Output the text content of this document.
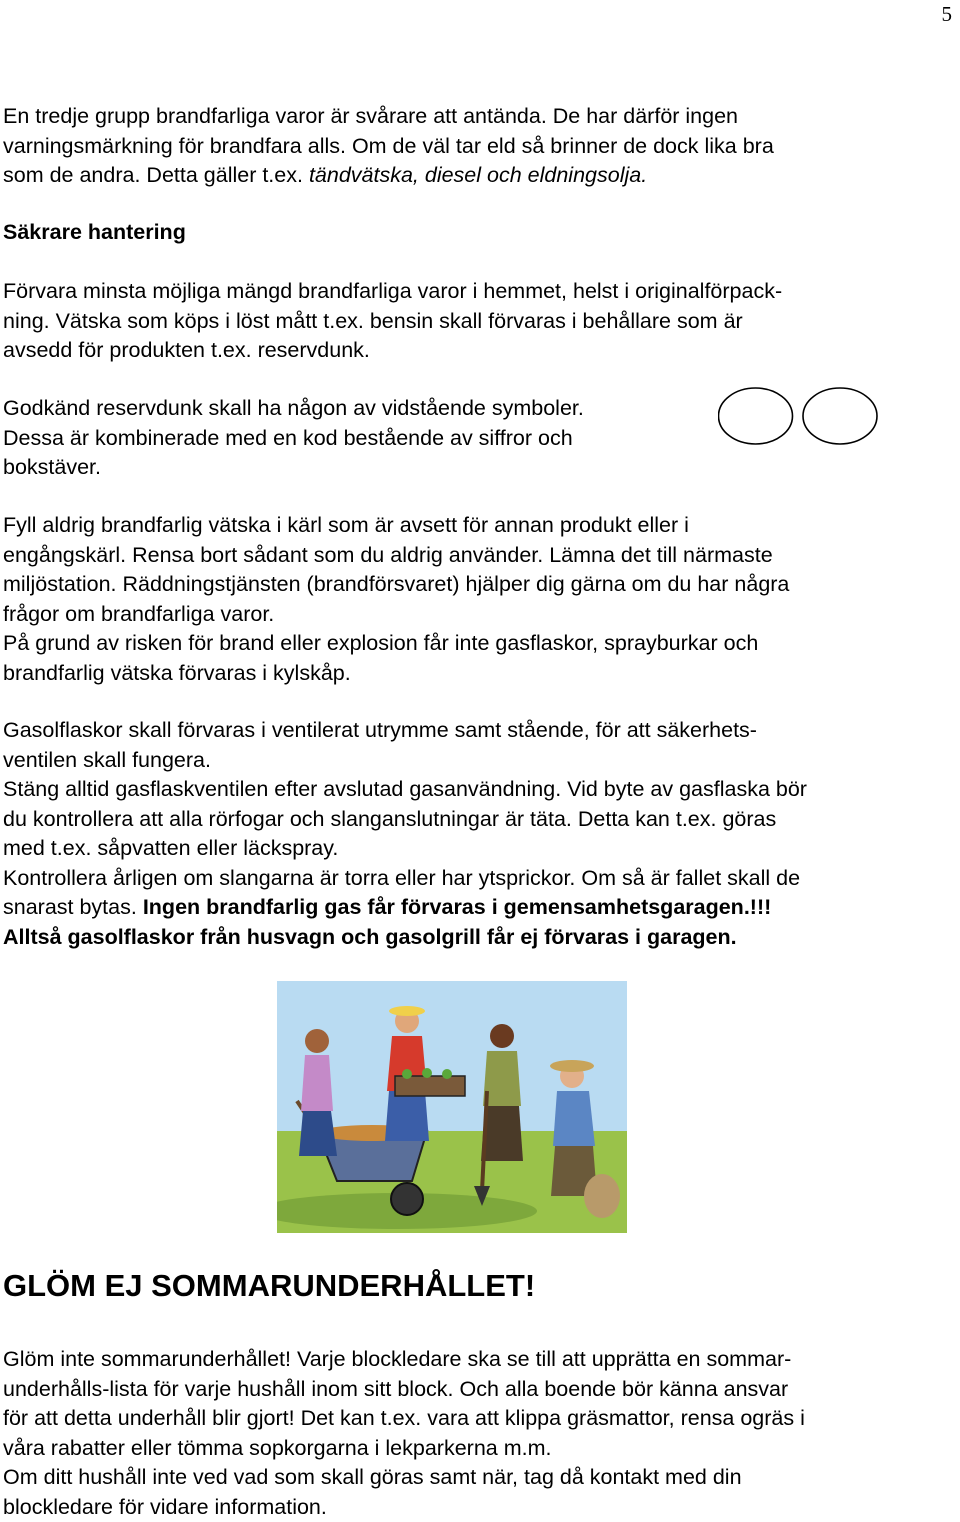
5
En tredje grupp brandfarliga varor är svårare att antända. De har därför ingen
varningsmärkning för brandfara alls. Om de väl tar eld så brinner de dock lika bra
som de andra. Detta gäller t.ex. tändvätska, diesel och eldningsolja.
Säkrare hantering
Förvara minsta möjliga mängd brandfarliga varor i hemmet, helst i originalförpack-
ning. Vätska som köps i löst mått t.ex. bensin skall förvaras i behållare som är
avsedd för produkten t.ex. reservdunk.
Godkänd reservdunk skall ha någon av vidstående symboler.
Dessa är kombinerade med en kod bestående av siffror och
bokstäver.
Fyll aldrig brandfarlig vätska i kärl som är avsett för annan produkt eller i
engångskärl. Rensa bort sådant som du aldrig använder. Lämna det till närmaste
miljöstation. Räddningstjänsten (brandförsvaret) hjälper dig gärna om du har några
frågor om brandfarliga varor.
På grund av risken för brand eller explosion får inte gasflaskor, sprayburkar och
brandfarlig vätska förvaras i kylskåp.
Gasolflaskor skall förvaras i ventilerat utrymme samt stående, för att säkerhets-
ventilen skall fungera.
Stäng alltid gasflaskventilen efter avslutad gasanvändning. Vid byte av gasflaska bör
du kontrollera att alla rörfogar och slanganslutningar är täta. Detta kan t.ex. göras
med t.ex. såpvatten eller läckspray.
Kontrollera årligen om slangarna är torra eller har ytsprickor. Om så är fallet skall de
snarast bytas. Ingen brandfarlig gas får förvaras i gemensamhetsgaragen.!!!
Alltså gasolflaskor från husvagn och gasolgrill får ej förvaras i garagen.
GLÖM EJ SOMMARUNDERHÅLLET!
Glöm inte sommarunderhållet! Varje blockledare ska se till att upprätta en sommar-
underhålls-lista för varje hushåll inom sitt block. Och alla boende bör känna ansvar
för att detta underhåll blir gjort! Det kan t.ex. vara att klippa gräsmattor, rensa ogräs i
våra rabatter eller tömma sopkorgarna i lekparkerna m.m.
Om ditt hushåll inte ved vad som skall göras samt när, tag då kontakt med din
blockledare för vidare information.
